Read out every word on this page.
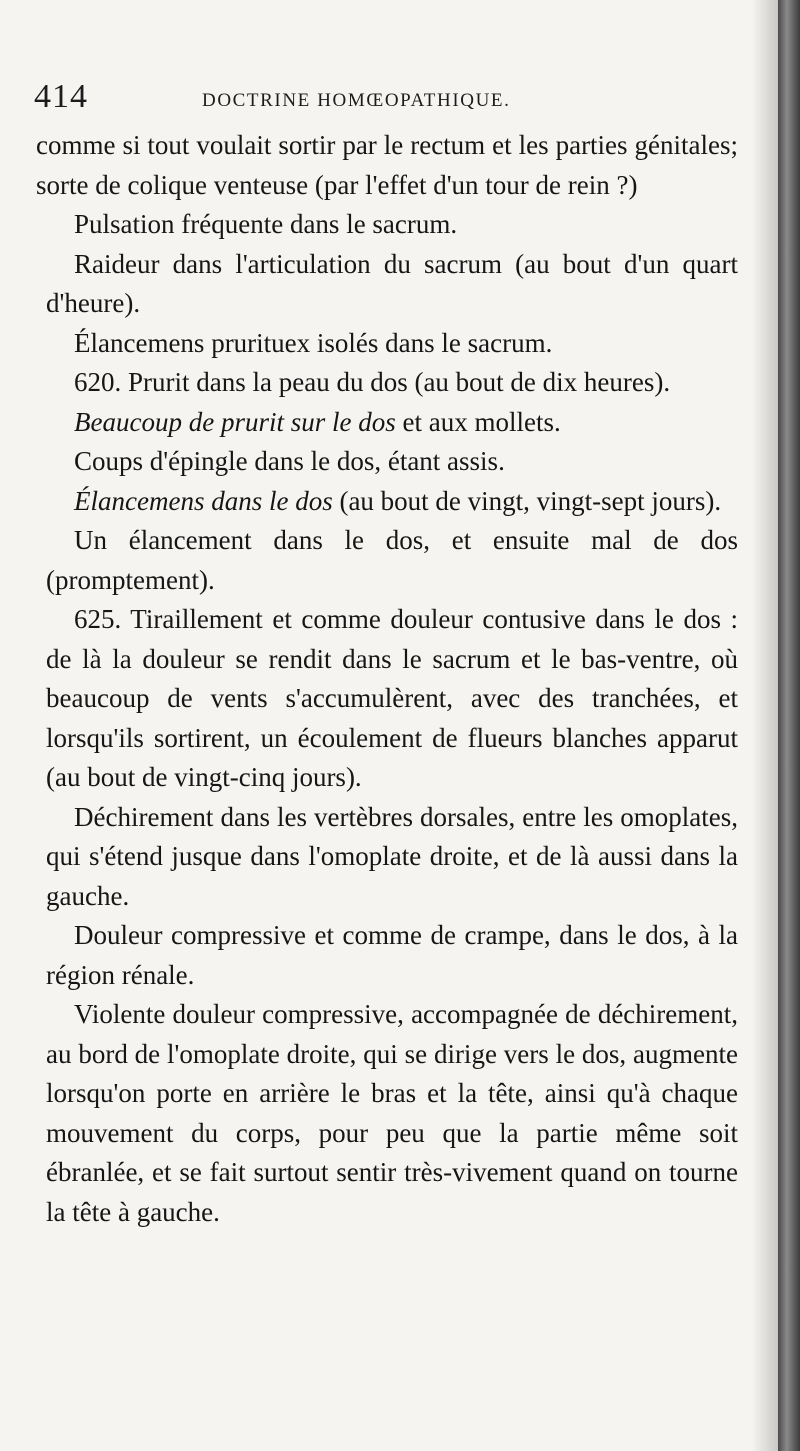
414	DOCTRINE HOMŒOPATHIQUE.

comme si tout voulait sortir par le rectum et les parties génitales; sorte de colique venteuse (par l'effet d'un tour de rein ?)

Pulsation fréquente dans le sacrum.

Raideur dans l'articulation du sacrum (au bout d'un quart d'heure).

Élancemens prurituex isolés dans le sacrum.

620. Prurit dans la peau du dos (au bout de dix heures).

Beaucoup de prurit sur le dos et aux mollets.

Coups d'épingle dans le dos, étant assis.

Élancemens dans le dos (au bout de vingt, vingt-sept jours).

Un élancement dans le dos, et ensuite mal de dos (promptement).

625. Tiraillement et comme douleur contusive dans le dos : de là la douleur se rendit dans le sacrum et le bas-ventre, où beaucoup de vents s'accumulèrent, avec des tranchées, et lorsqu'ils sortirent, un écoulement de flueurs blanches apparut (au bout de vingt-cinq jours).

Déchirement dans les vertèbres dorsales, entre les omoplates, qui s'étend jusque dans l'omoplate droite, et de là aussi dans la gauche.

Douleur compressive et comme de crampe, dans le dos, à la région rénale.

Violente douleur compressive, accompagnée de déchirement, au bord de l'omoplate droite, qui se dirige vers le dos, augmente lorsqu'on porte en arrière le bras et la tête, ainsi qu'à chaque mouvement du corps, pour peu que la partie même soit ébranlée, et se fait surtout sentir très-vivement quand on tourne la tête à gauche.
